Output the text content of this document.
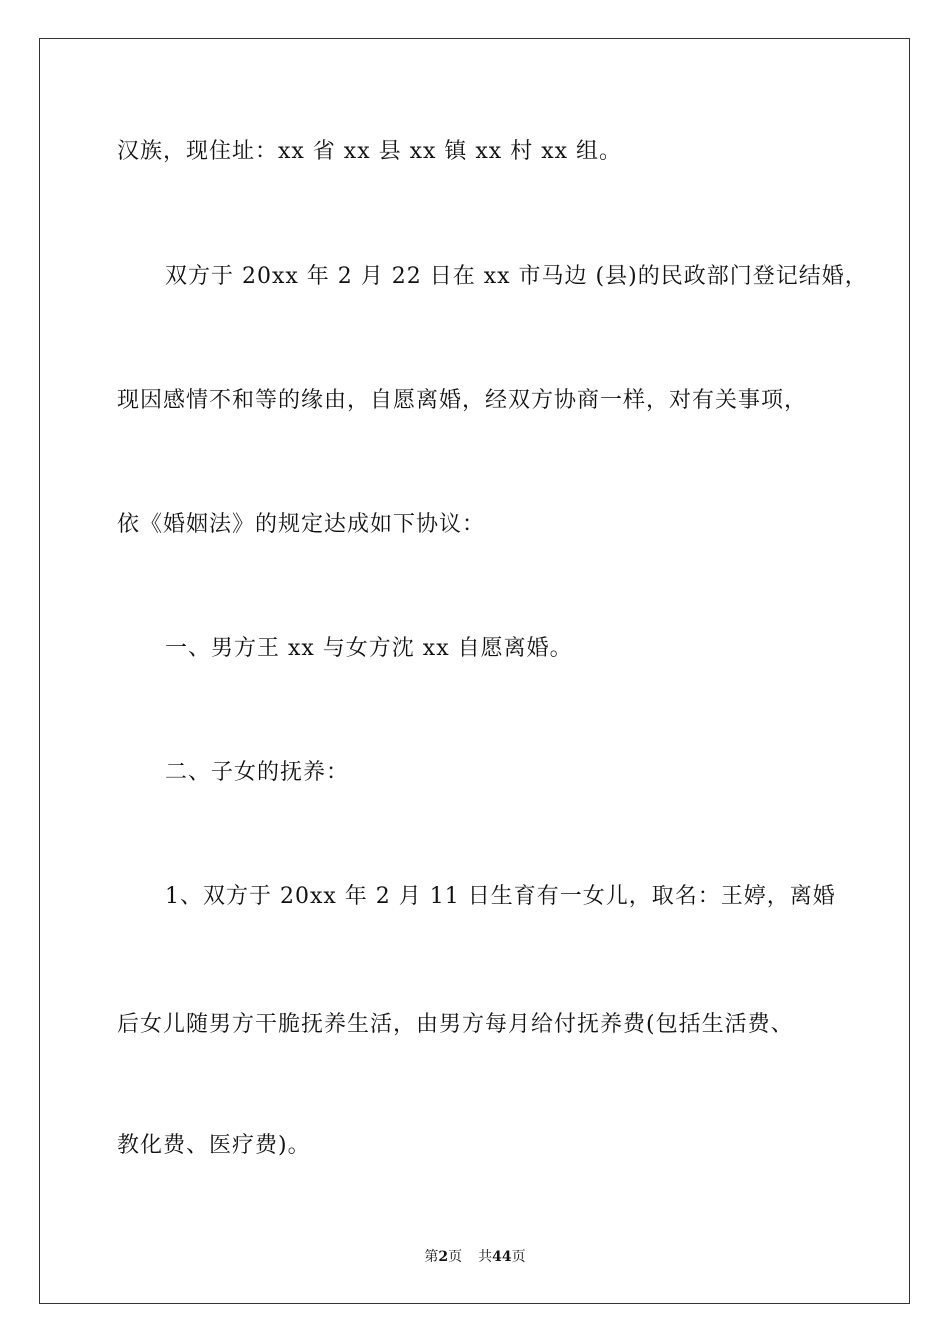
汉族，现住址：xx 省 xx 县 xx 镇 xx 村 xx 组。
双方于 20xx 年 2 月 22 日在 xx 市马边 (县)的民政部门登记结婚，
现因感情不和等的缘由，自愿离婚，经双方协商一样，对有关事项，
依《婚姻法》的规定达成如下协议：
一、男方王 xx 与女方沈 xx 自愿离婚。
二、子女的抚养：
1、双方于 20xx 年 2 月 11 日生育有一女儿，取名：王婷，离婚
后女儿随男方干脆抚养生活，由男方每月给付抚养费(包括生活费、
教化费、医疗费)。
第2页 共44页
